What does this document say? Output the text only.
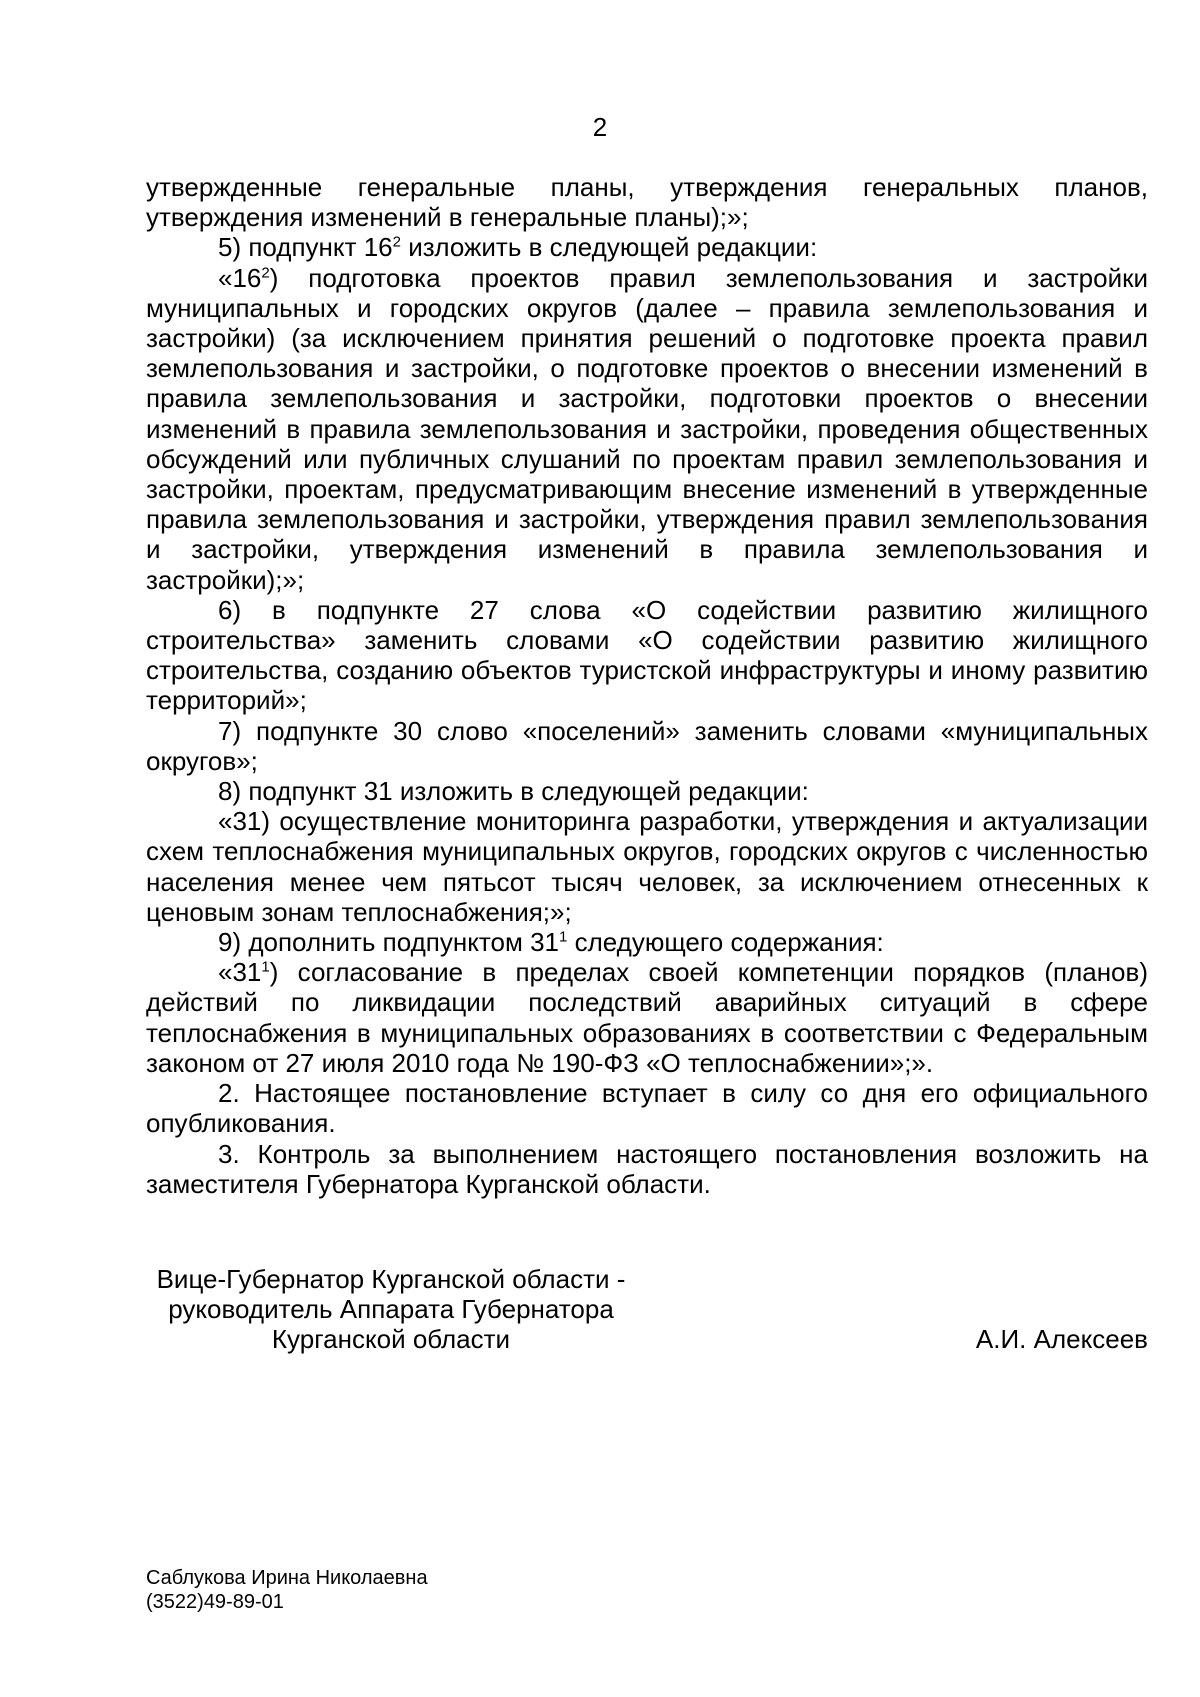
2

утвержденные генеральные планы, утверждения генеральных планов, утверждения изменений в генеральные планы);»;

5) подпункт $16^2$ изложить в следующей редакции:

«$16^2$) подготовка проектов правил землепользования и застройки муниципальных и городских округов (далее – правила землепользования и застройки) (за исключением принятия решений о подготовке проекта правил землепользования и застройки, о подготовке проектов о внесении изменений в правила землепользования и застройки, подготовки проектов о внесении изменений в правила землепользования и застройки, проведения общественных обсуждений или публичных слушаний по проектам правил землепользования и застройки, проектам, предусматривающим внесение изменений в утвержденные правила землепользования и застройки, утверждения правил землепользования и застройки, утверждения изменений в правила землепользования и застройки);»;

6) в подпункте 27 слова «О содействии развитию жилищного строительства» заменить словами «О содействии развитию жилищного строительства, созданию объектов туристской инфраструктуры и иному развитию территорий»;

7) подпункте 30 слово «поселений» заменить словами «муниципальных округов»;

8) подпункт 31 изложить в следующей редакции:

«31) осуществление мониторинга разработки, утверждения и актуализации схем теплоснабжения муниципальных округов, городских округов с численностью населения менее чем пятьсот тысяч человек, за исключением отнесенных к ценовым зонам теплоснабжения;»;

9) дополнить подпунктом $31^1$ следующего содержания:

«$31^1$) согласование в пределах своей компетенции порядков (планов) действий по ликвидации последствий аварийных ситуаций в сфере теплоснабжения в муниципальных образованиях в соответствии с Федеральным законом от 27 июля 2010 года № 190-ФЗ «О теплоснабжении»;».

2. Настоящее постановление вступает в силу со дня его официального опубликования.

3. Контроль за выполнением настоящего постановления возложить на заместителя Губернатора Курганской области.

Вице-Губернатор Курганской области -
руководитель Аппарата Губернатора
Курганской области	А.И. Алексеев
Саблукова Ирина Николаевна
(3522)49-89-01
